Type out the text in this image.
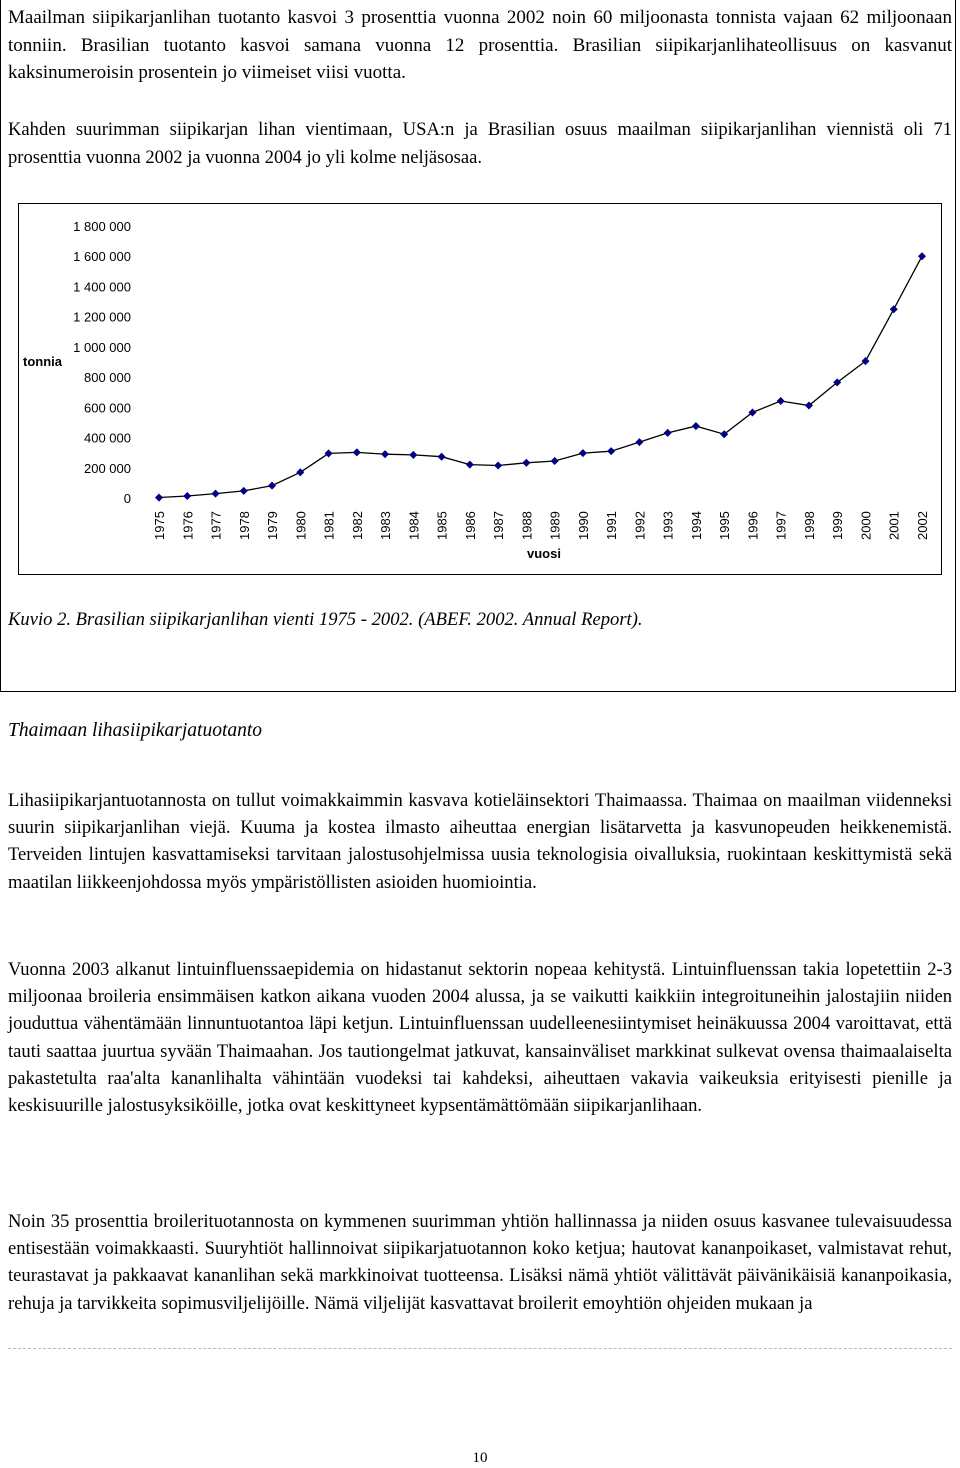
Maailman siipikarjanlihan tuotanto kasvoi 3 prosenttia vuonna 2002 noin 60 miljoonasta tonnista vajaan 62 miljoonaan tonniin. Brasilian tuotanto kasvoi samana vuonna 12 prosenttia. Brasilian siipikarjanlihateollisuus on kasvanut kaksinumeroisin prosentein jo viimeiset viisi vuotta.

Kahden suurimman siipikarjan lihan vientimaan, USA:n ja Brasilian osuus maailman siipikarjanlihan viennistä oli 71 prosenttia vuonna 2002 ja vuonna 2004 jo yli kolme neljäsosaa.

0
200 000
400 000
600 000
800 000
1 000 000
1 200 000
1 400 000
1 600 000
1 800 000
1975 1976 1977 1978 1979 1980 1981 1982 1983 1984 1985 1986 1987 1988 1989 1990 1991 1992 1993 1994 1995 1996 1997 1998 1999 2000 2001 2002
tonnia
vuosi
Kuvio 2. Brasilian siipikarjanlihan vienti 1975 - 2002. (ABEF. 2002. Annual Report).
Thaimaan lihasiipikarjatuotanto

Lihasiipikarjantuotannosta on tullut voimakkaimmin kasvava kotieläinsektori Thaimaassa. Thaimaa on maailman viidenneksi suurin siipikarjanlihan viejä. Kuuma ja kostea ilmasto aiheuttaa energian lisätarvetta ja kasvunopeuden heikkenemistä. Terveiden lintujen kasvattamiseksi tarvitaan jalostusohjelmissa uusia teknologisia oivalluksia, ruokintaan keskittymistä sekä maatilan liikkeenjohdossa myös ympäristöllisten asioiden huomiointia.

Vuonna 2003 alkanut lintuinfluenssaepidemia on hidastanut sektorin nopeaa kehitystä. Lintuinfluenssan takia lopetettiin 2-3 miljoonaa broileria ensimmäisen katkon aikana vuoden 2004 alussa, ja se vaikutti kaikkiin integroituneihin jalostajiin niiden jouduttua vähentämään linnuntuotantoa läpi ketjun. Lintuinfluenssan uudelleenesiintymiset heinäkuussa 2004 varoittavat, että tauti saattaa juurtua syvään Thaimaahan. Jos tautiongelmat jatkuvat, kansainväliset markkinat sulkevat ovensa thaimaalaiselta pakastetulta raa'alta kananlihalta vähintään vuodeksi tai kahdeksi, aiheuttaen vakavia vaikeuksia erityisesti pienille ja keskisuurille jalostusyksiköille, jotka ovat keskittyneet kypsentämättömään siipikarjanlihaan.

Noin 35 prosenttia broilerituotannosta on kymmenen suurimman yhtiön hallinnassa ja niiden osuus kasvanee tulevaisuudessa entisestään voimakkaasti. Suuryhtiöt hallinnoivat siipikarjatuotannon koko ketjua; hautovat kananpoikaset, valmistavat rehut, teurastavat ja pakkaavat kananlihan sekä markkinoivat tuotteensa. Lisäksi nämä yhtiöt välittävät päivänikäisiä kananpoikasia, rehuja ja tarvikkeita sopimusviljelijöille. Nämä viljelijät kasvattavat broilerit emoyhtiön ohjeiden mukaan ja

10
